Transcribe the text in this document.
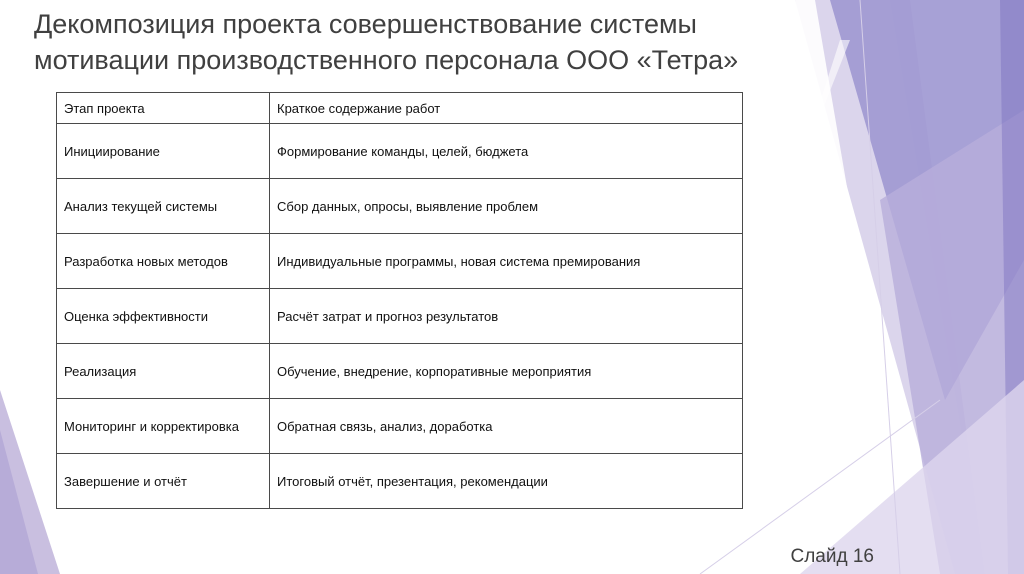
Декомпозиция проекта совершенствование системы мотивации производственного персонала ООО «Тетра»
Этап проекта	Краткое содержание работ
Инициирование	Формирование команды, целей, бюджета
Анализ текущей системы	Сбор данных, опросы, выявление проблем
Разработка новых методов	Индивидуальные программы, новая система премирования
Оценка эффективности	Расчёт затрат и прогноз результатов
Реализация	Обучение, внедрение, корпоративные мероприятия
Мониторинг и корректировка	Обратная связь, анализ, доработка
Завершение и отчёт	Итоговый отчёт, презентация, рекомендации
Слайд 16
